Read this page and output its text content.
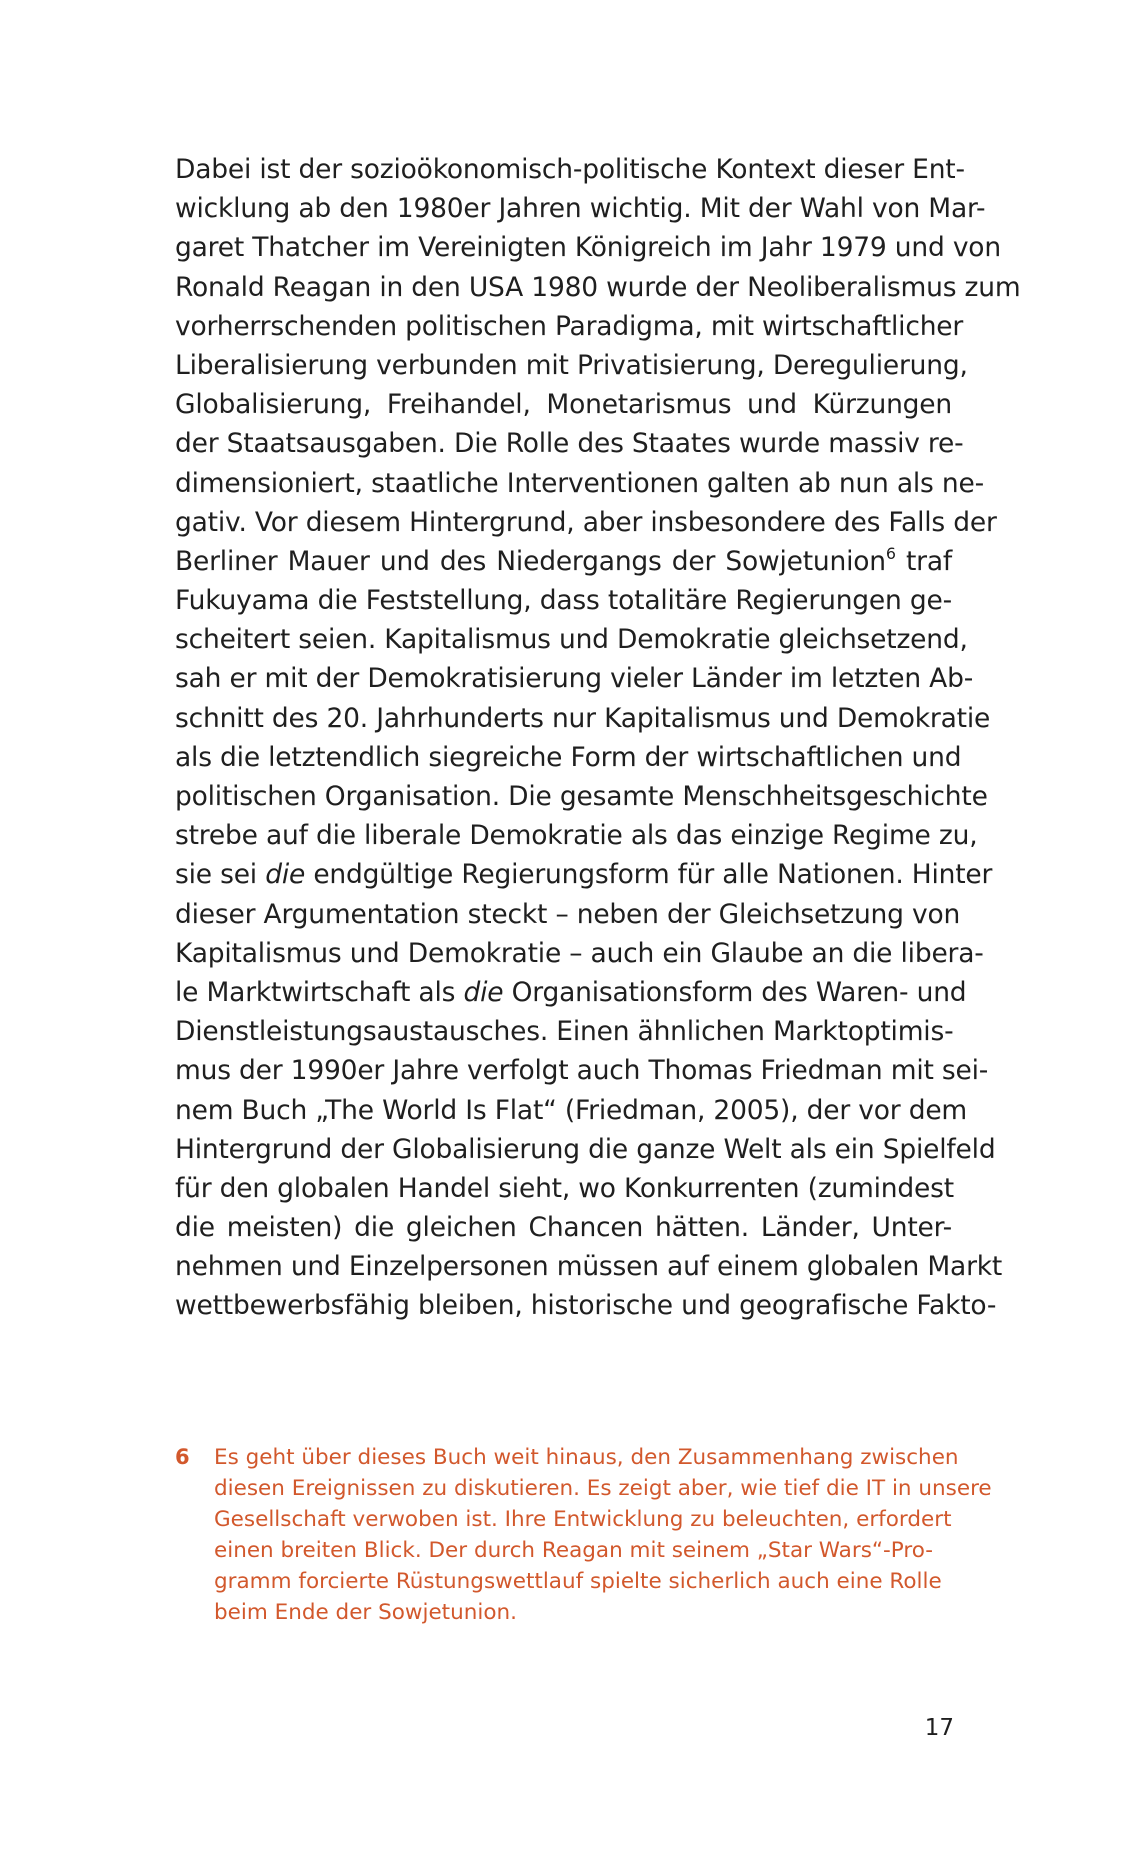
Dabei ist der sozioökonomisch-politische Kontext dieser Ent-
wicklung ab den 1980er Jahren wichtig. Mit der Wahl von Mar-
garet Thatcher im Vereinigten Königreich im Jahr 1979 und von
Ronald Reagan in den USA 1980 wurde der Neoliberalismus zum
vorherrschenden politischen Paradigma, mit wirtschaftlicher
Liberalisierung verbunden mit Privatisierung, Deregulierung,
Globalisierung, Freihandel, Monetarismus und Kürzungen
der Staatsausgaben. Die Rolle des Staates wurde massiv re-
dimensioniert, staatliche Interventionen galten ab nun als ne-
gativ. Vor diesem Hintergrund, aber insbesondere des Falls der
Berliner Mauer und des Niedergangs der Sowjetunion$^6$ traf
Fukuyama die Feststellung, dass totalitäre Regierungen ge-
scheitert seien. Kapitalismus und Demokratie gleichsetzend,
sah er mit der Demokratisierung vieler Länder im letzten Ab-
schnitt des 20. Jahrhunderts nur Kapitalismus und Demokratie
als die letztendlich siegreiche Form der wirtschaftlichen und
politischen Organisation. Die gesamte Menschheitsgeschichte
strebe auf die liberale Demokratie als das einzige Regime zu,
sie sei die endgültige Regierungsform für alle Nationen. Hinter
dieser Argumentation steckt – neben der Gleichsetzung von
Kapitalismus und Demokratie – auch ein Glaube an die libera-
le Marktwirtschaft als die Organisationsform des Waren- und
Dienstleistungsaustausches. Einen ähnlichen Marktoptimis-
mus der 1990er Jahre verfolgt auch Thomas Friedman mit sei-
nem Buch „The World Is Flat“ (Friedman, 2005), der vor dem
Hintergrund der Globalisierung die ganze Welt als ein Spielfeld
für den globalen Handel sieht, wo Konkurrenten (zumindest
die meisten) die gleichen Chancen hätten. Länder, Unter-
nehmen und Einzelpersonen müssen auf einem globalen Markt
wettbewerbsfähig bleiben, historische und geografische Fakto-
6 Es geht über dieses Buch weit hinaus, den Zusammenhang zwischen
diesen Ereignissen zu diskutieren. Es zeigt aber, wie tief die IT in unsere
Gesellschaft verwoben ist. Ihre Entwicklung zu beleuchten, erfordert
einen breiten Blick. Der durch Reagan mit seinem „Star Wars“-Pro-
gramm forcierte Rüstungswettlauf spielte sicherlich auch eine Rolle
beim Ende der Sowjetunion.
17
